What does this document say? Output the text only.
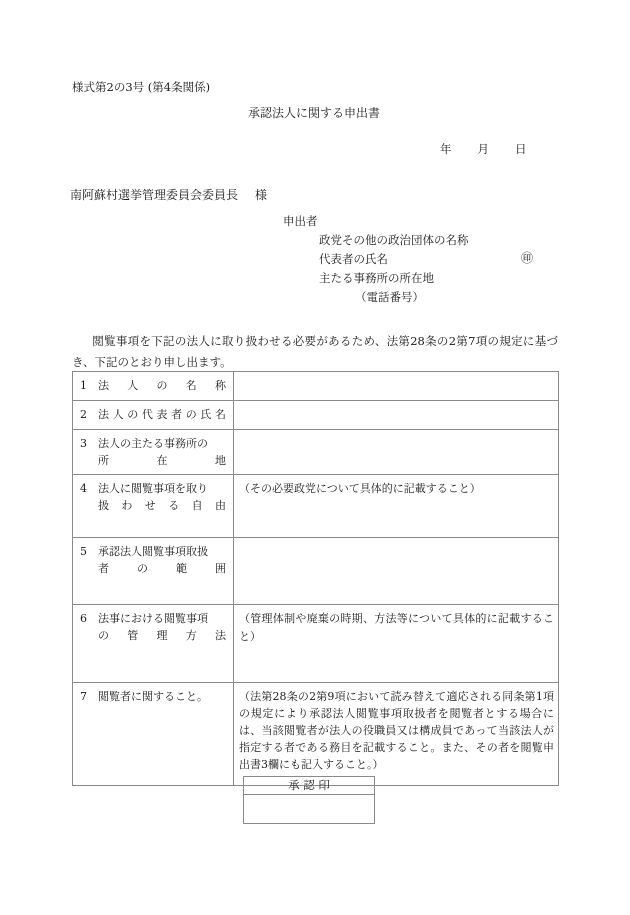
様式第2の3号 (第4条関係)
承認法人に関する申出書
年 月 日
南阿蘇村選挙管理委員会委員長 様
申出者
政党その他の政治団体の名称
代表者の氏名	㊞
主たる事務所の所在地
（電話番号）
閲覧事項を下記の法人に取り扱わせる必要があるため、法第28条の2第7項の規定に基づき、下記のとおり申し出ます。
1 法人の名称	

2 法人の代表者の氏名	

3 法人の主たる事務所の
所在地	

4 法人に閲覧事項を取り
扱わせる自由	（その必要政党について具体的に記載すること）

5 承認法人閲覧事項取扱
者の範囲	

6 法事における閲覧事項
の管理方法	（管理体制や廃棄の時期、方法等について具体的に記載すること）

7 閲覧者に関すること。	（法第28条の2第9項において読み替えて適応される同条第1項の規定により承認法人閲覧事項取扱者を閲覧者とする場合には、当該閲覧者が法人の役職員又は構成員であって当該法人が指定する者である務目を記載すること。また、その者を閲覧申出書3欄にも記入すること。）
承 認 印
